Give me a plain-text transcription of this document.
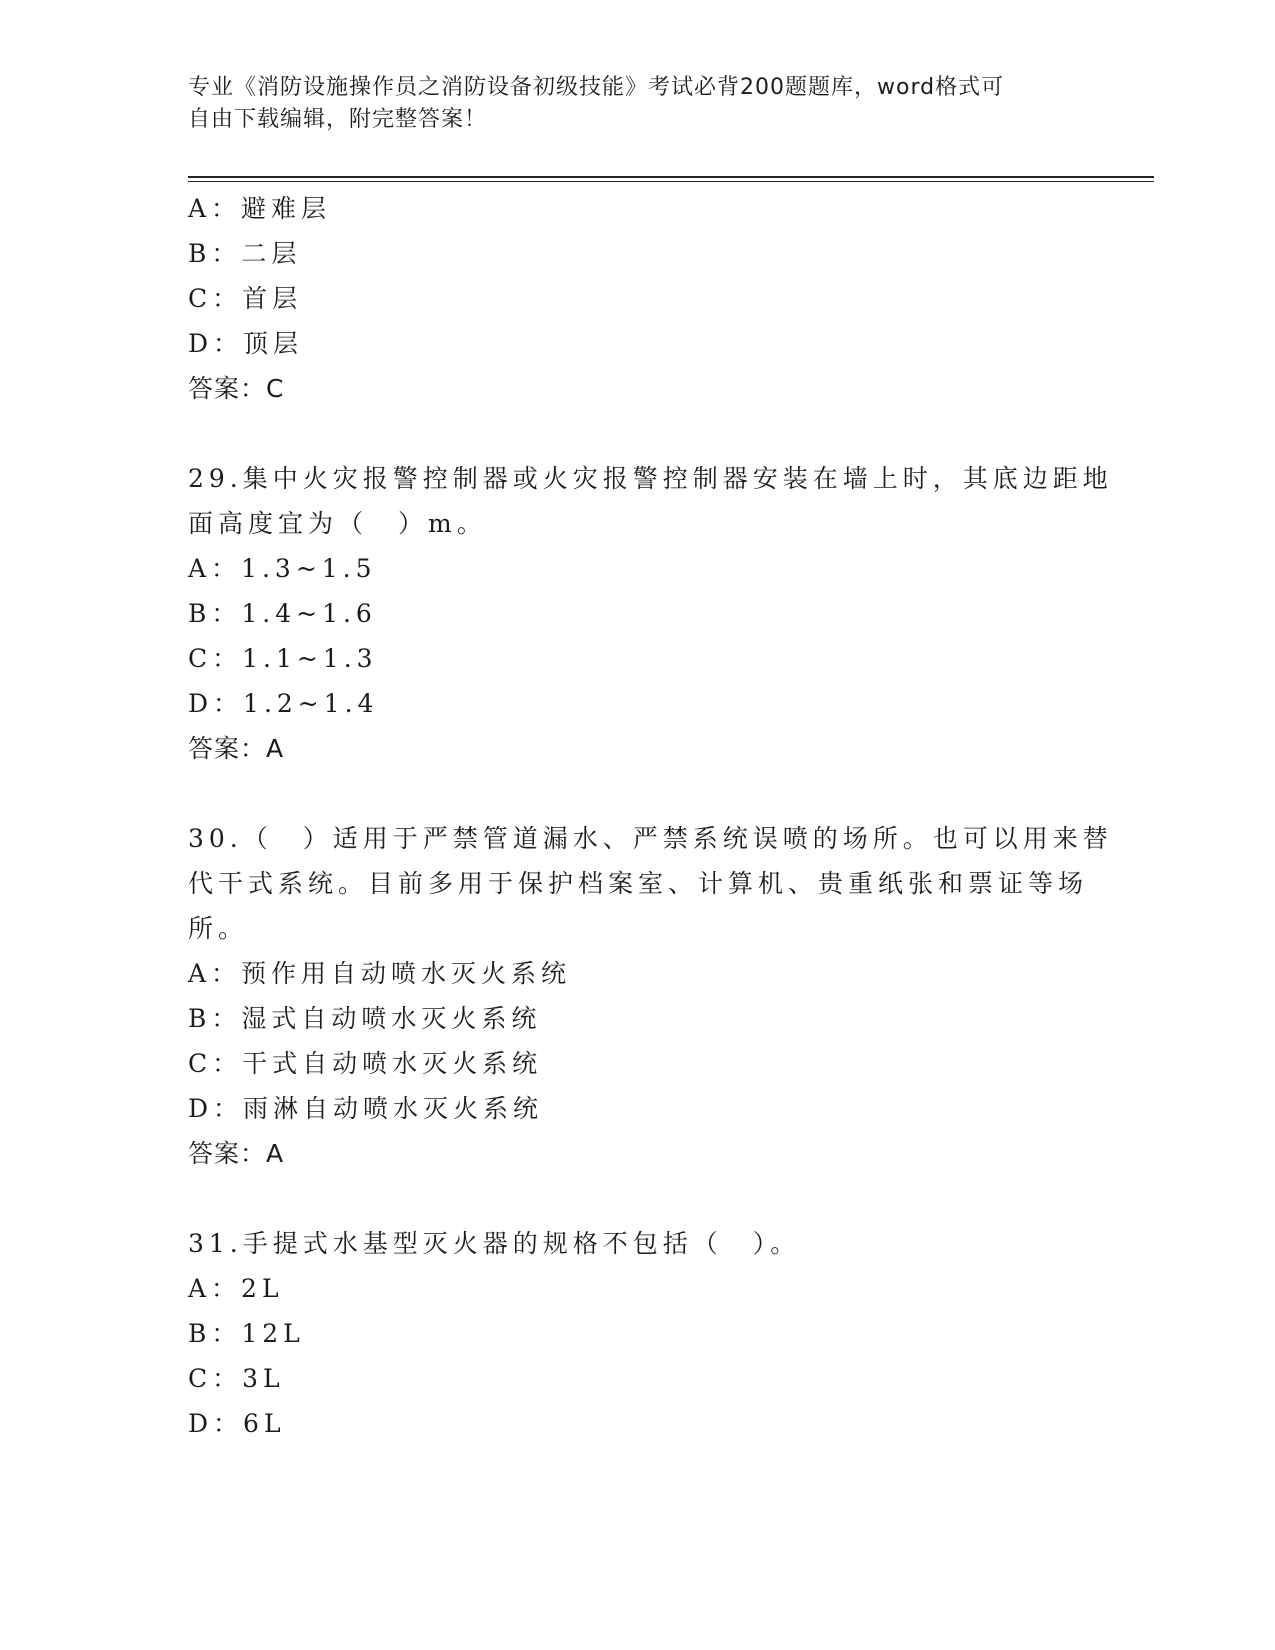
专业《消防设施操作员之消防设备初级技能》考试必背200题题库，word格式可
自由下载编辑，附完整答案！
A：避难层
B：二层
C：首层
D：顶层
答案：C
29.集中火灾报警控制器或火灾报警控制器安装在墙上时，其底边距地
面高度宜为（　）m。
A：1.3~1.5
B：1.4~1.6
C：1.1~1.3
D：1.2~1.4
答案：A
30.（　）适用于严禁管道漏水、严禁系统误喷的场所。也可以用来替
代干式系统。目前多用于保护档案室、计算机、贵重纸张和票证等场
所。
A：预作用自动喷水灭火系统
B：湿式自动喷水灭火系统
C：干式自动喷水灭火系统
D：雨淋自动喷水灭火系统
答案：A
31.手提式水基型灭火器的规格不包括（　）。
A：2L
B：12L
C：3L
D：6L
